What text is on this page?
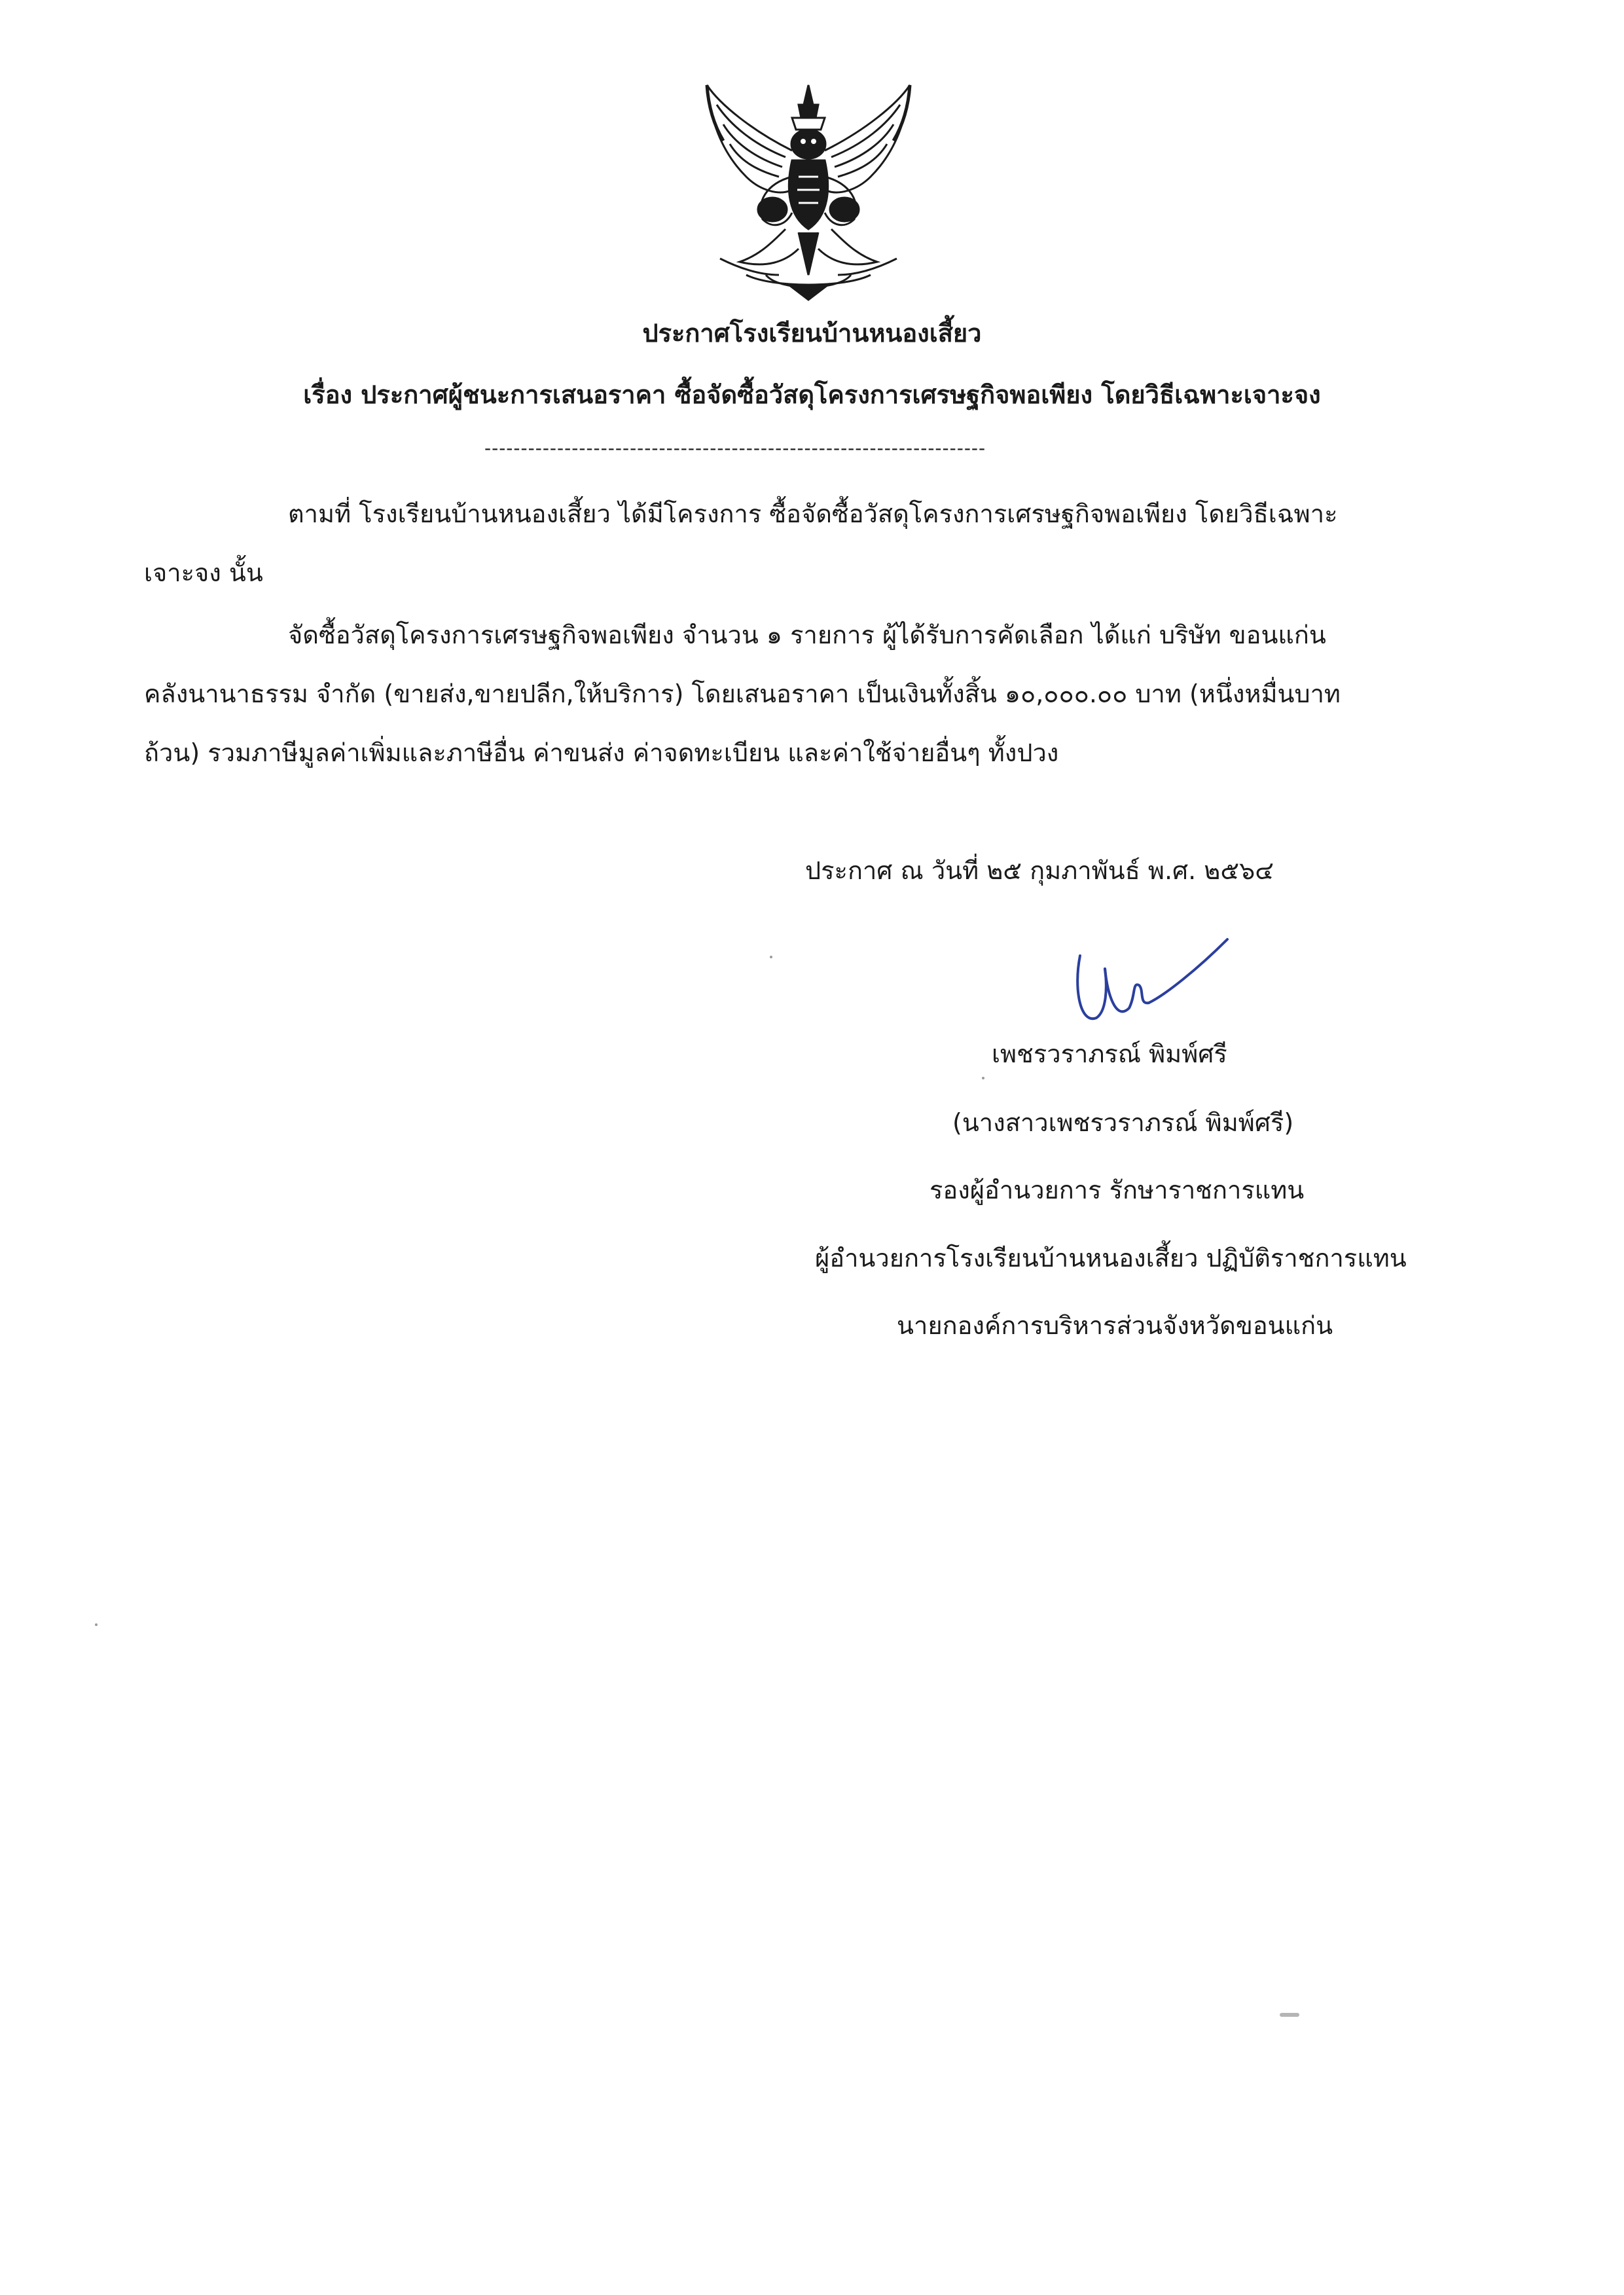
ประกาศโรงเรียนบ้านหนองเสี้ยว
เรื่อง ประกาศผู้ชนะการเสนอราคา ซื้อจัดซื้อวัสดุโครงการเศรษฐกิจพอเพียง โดยวิธีเฉพาะเจาะจง
---------------------------------------------------------------------
ตามที่ โรงเรียนบ้านหนองเสี้ยว ได้มีโครงการ ซื้อจัดซื้อวัสดุโครงการเศรษฐกิจพอเพียง โดยวิธีเฉพาะ
เจาะจง นั้น
จัดซื้อวัสดุโครงการเศรษฐกิจพอเพียง จำนวน ๑ รายการ ผู้ได้รับการคัดเลือก ได้แก่ บริษัท ขอนแก่น
คลังนานาธรรม จำกัด (ขายส่ง,ขายปลีก,ให้บริการ) โดยเสนอราคา เป็นเงินทั้งสิ้น ๑๐,๐๐๐.๐๐ บาท (หนึ่งหมื่นบาท
ถ้วน) รวมภาษีมูลค่าเพิ่มและภาษีอื่น ค่าขนส่ง ค่าจดทะเบียน และค่าใช้จ่ายอื่นๆ ทั้งปวง
ประกาศ ณ วันที่ ๒๕ กุมภาพันธ์ พ.ศ. ๒๕๖๔
เพชรวราภรณ์ พิมพ์ศรี
(นางสาวเพชรวราภรณ์ พิมพ์ศรี)
รองผู้อำนวยการ รักษาราชการแทน
ผู้อำนวยการโรงเรียนบ้านหนองเสี้ยว ปฏิบัติราชการแทน
นายกองค์การบริหารส่วนจังหวัดขอนแก่น
